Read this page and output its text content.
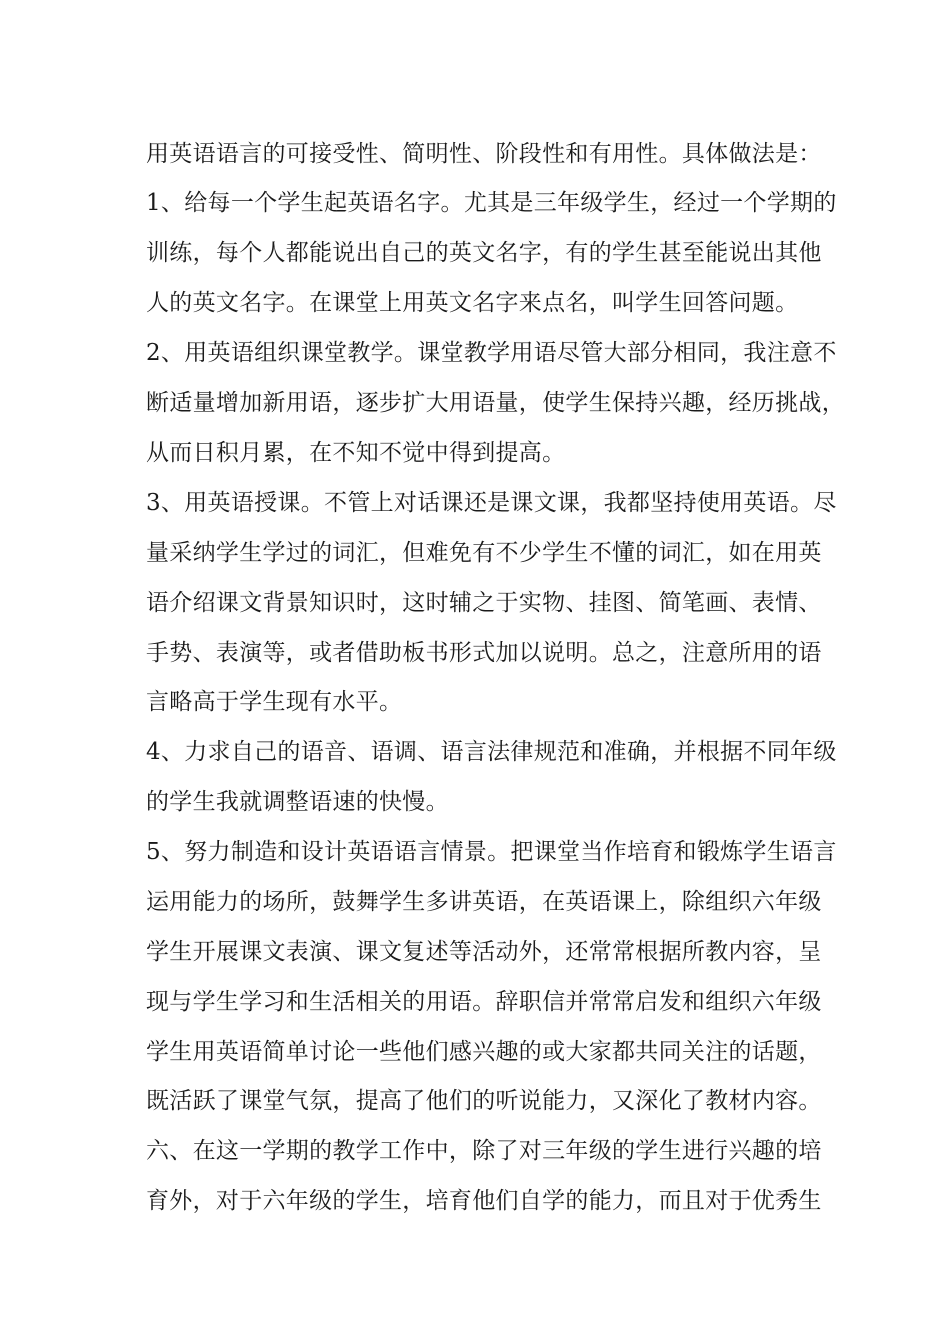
用英语语言的可接受性、简明性、阶段性和有用性。具体做法是：
1、给每一个学生起英语名字。尤其是三年级学生，经过一个学期的
训练，每个人都能说出自己的英文名字，有的学生甚至能说出其他
人的英文名字。在课堂上用英文名字来点名，叫学生回答问题。
2、用英语组织课堂教学。课堂教学用语尽管大部分相同，我注意不
断适量增加新用语，逐步扩大用语量，使学生保持兴趣，经历挑战，
从而日积月累，在不知不觉中得到提高。
3、用英语授课。不管上对话课还是课文课，我都坚持使用英语。尽
量采纳学生学过的词汇，但难免有不少学生不懂的词汇，如在用英
语介绍课文背景知识时，这时辅之于实物、挂图、简笔画、表情、
手势、表演等，或者借助板书形式加以说明。总之，注意所用的语
言略高于学生现有水平。
4、力求自己的语音、语调、语言法律规范和准确，并根据不同年级
的学生我就调整语速的快慢。
5、努力制造和设计英语语言情景。把课堂当作培育和锻炼学生语言
运用能力的场所，鼓舞学生多讲英语，在英语课上，除组织六年级
学生开展课文表演、课文复述等活动外，还常常根据所教内容，呈
现与学生学习和生活相关的用语。辞职信并常常启发和组织六年级
学生用英语简单讨论一些他们感兴趣的或大家都共同关注的话题，
既活跃了课堂气氛，提高了他们的听说能力，又深化了教材内容。
六、在这一学期的教学工作中，除了对三年级的学生进行兴趣的培
育外，对于六年级的学生，培育他们自学的能力，而且对于优秀生
